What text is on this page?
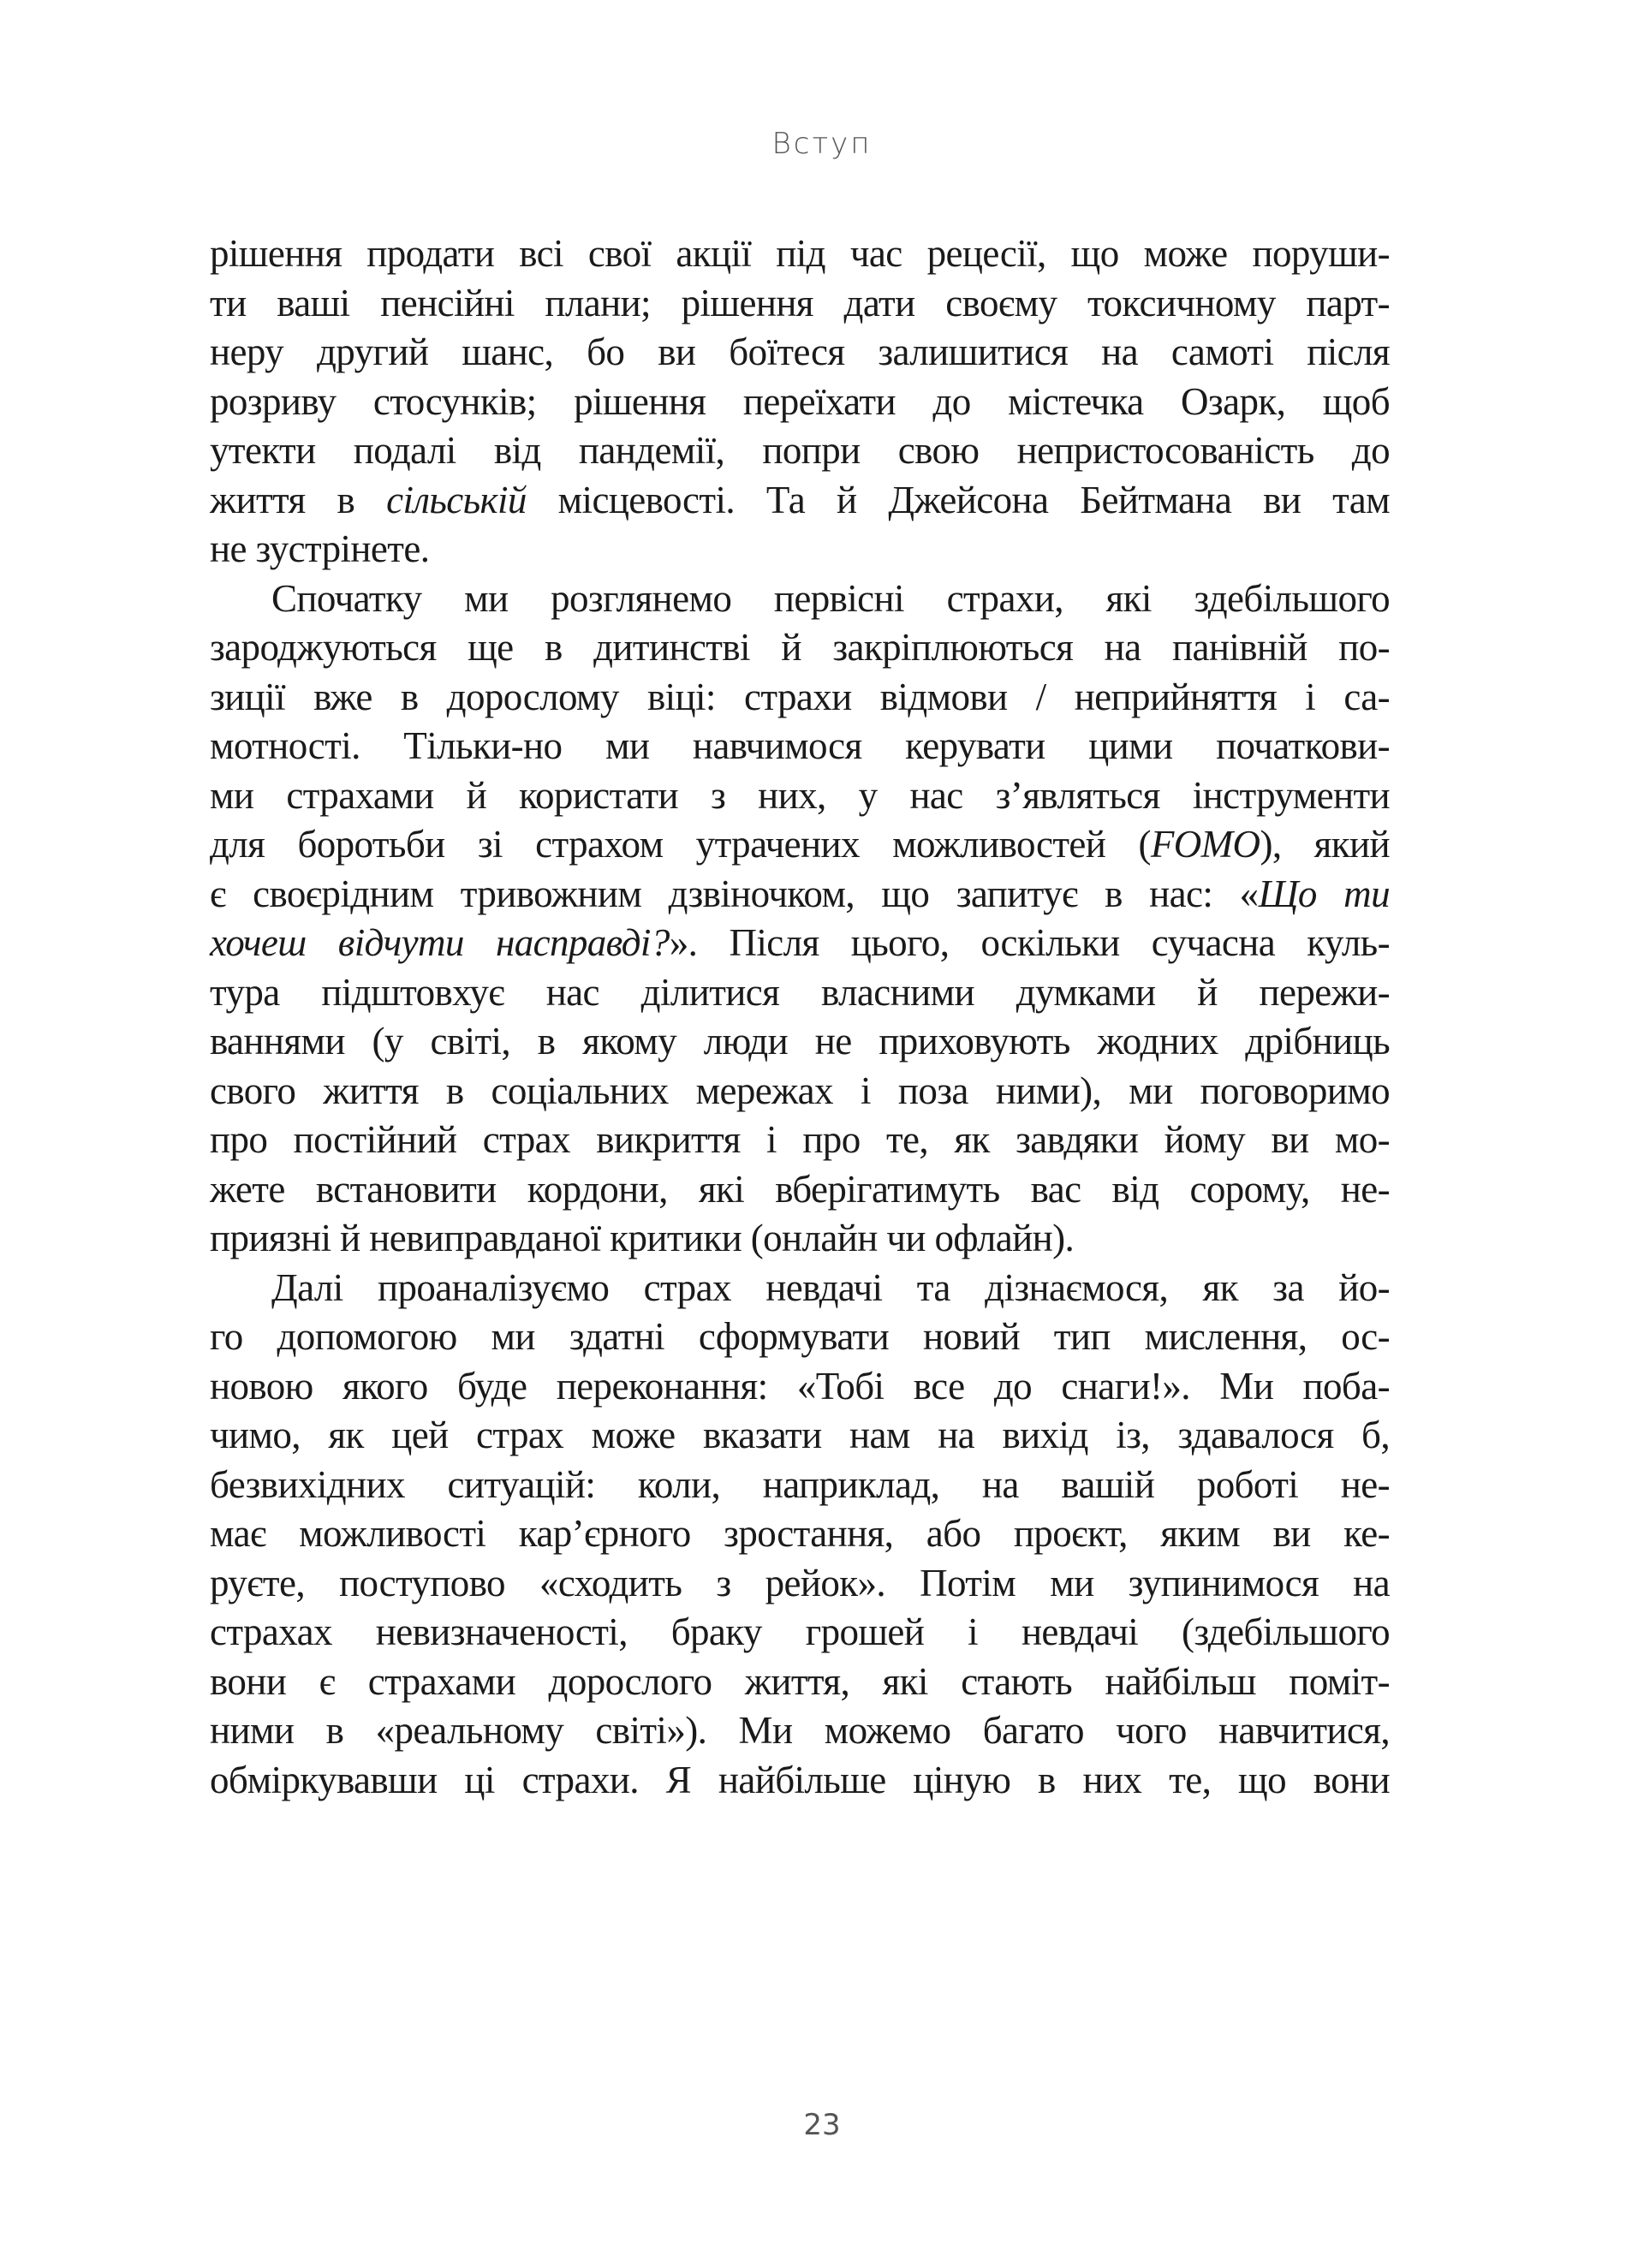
Вступ
рішення продати всі свої акції під час рецесії, що може поруши-
ти ваші пенсійні плани; рішення дати своєму токсичному парт-
неру другий шанс, бо ви боїтеся залишитися на самоті після
розриву стосунків; рішення переїхати до містечка Озарк, щоб
утекти подалі від пандемії, попри свою непристосованість до
життя в сільській місцевості. Та й Джейсона Бейтмана ви там
не зустрінете.
Спочатку ми розглянемо первісні страхи, які здебільшого
зароджуються ще в дитинстві й закріплюються на панівній по-
зиції вже в дорослому віці: страхи відмови / неприйняття і са-
мотності. Тільки-но ми навчимося керувати цими початкови-
ми страхами й користати з них, у нас з’являться інструменти
для боротьби зі страхом утрачених можливостей (FOMO), який
є своєрідним тривожним дзвіночком, що запитує в нас: «Що ти
хочеш відчути насправді?». Після цього, оскільки сучасна куль-
тура підштовхує нас ділитися власними думками й пережи-
ваннями (у світі, в якому люди не приховують жодних дрібниць
свого життя в соціальних мережах і поза ними), ми поговоримо
про постійний страх викриття і про те, як завдяки йому ви мо-
жете встановити кордони, які вберігатимуть вас від сорому, не-
приязні й невиправданої критики (онлайн чи офлайн).
Далі проаналізуємо страх невдачі та дізнаємося, як за йо-
го допомогою ми здатні сформувати новий тип мислення, ос-
новою якого буде переконання: «Тобі все до снаги!». Ми поба-
чимо, як цей страх може вказати нам на вихід із, здавалося б,
безвихідних ситуацій: коли, наприклад, на вашій роботі не-
має можливості кар’єрного зростання, або проєкт, яким ви ке-
руєте, поступово «сходить з рейок». Потім ми зупинимося на
страхах невизначеності, браку грошей і невдачі (здебільшого
вони є страхами дорослого життя, які стають найбільш поміт-
ними в «реальному світі»). Ми можемо багато чого навчитися,
обміркувавши ці страхи. Я найбільше ціную в них те, що вони
23
